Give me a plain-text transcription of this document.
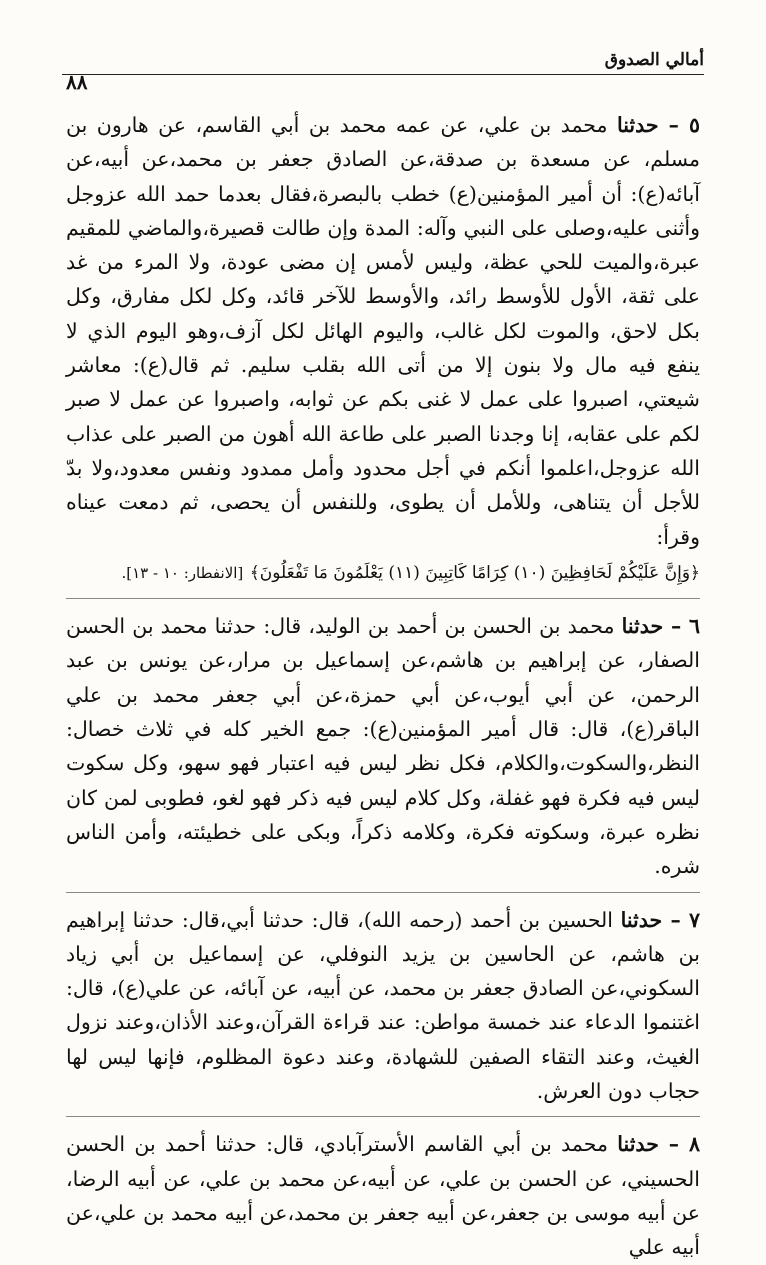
أمالي الصدوق
٨٨

٥ – حدثنا محمد بن علي، عن عمه محمد بن أبي القاسم، عن هارون بن مسلم، عن مسعدة بن صدقة،عن الصادق جعفر بن محمد،عن أبيه،عن آبائه(ع): أن أمير المؤمنين(ع) خطب بالبصرة،فقال بعدما حمد الله عزوجل وأثنى عليه،وصلى على النبي وآله: المدة وإن طالت قصيرة،والماضي للمقيم عبرة،والميت للحي عظة، وليس لأمس إن مضى عودة، ولا المرء من غد على ثقة، الأول للأوسط رائد، والأوسط للآخر قائد، وكل لكل مفارق، وكل بكل لاحق، والموت لكل غالب، واليوم الهائل لكل آزف،وهو اليوم الذي لا ينفع فيه مال ولا بنون إلا من أتى الله بقلب سليم. ثم قال(ع): معاشر شيعتي، اصبروا على عمل لا غنى بكم عن ثوابه، واصبروا عن عمل لا صبر لكم على عقابه، إنا وجدنا الصبر على طاعة الله أهون من الصبر على عذاب الله عزوجل،اعلموا أنكم في أجل محدود وأمل ممدود ونفس معدود،ولا بدّ للأجل أن يتناهى، وللأمل أن يطوى، وللنفس أن يحصى، ثم دمعت عيناه وقرأ:

﴿وَإِنَّ عَلَيْكُمْ لَحَافِظِينَ (١٠) كِرَامًا كَاتِبِينَ (١١) يَعْلَمُونَ مَا تَفْعَلُونَ﴾ [الانفطار: ١٠ - ١٣].

٦ – حدثنا محمد بن الحسن بن أحمد بن الوليد، قال: حدثنا محمد بن الحسن الصفار، عن إبراهيم بن هاشم،عن إسماعيل بن مرار،عن يونس بن عبد الرحمن، عن أبي أيوب،عن أبي حمزة،عن أبي جعفر محمد بن علي الباقر(ع)، قال: قال أمير المؤمنين(ع): جمع الخير كله في ثلاث خصال: النظر،والسكوت،والكلام، فكل نظر ليس فيه اعتبار فهو سهو، وكل سكوت ليس فيه فكرة فهو غفلة، وكل كلام ليس فيه ذكر فهو لغو، فطوبى لمن كان نظره عبرة، وسكوته فكرة، وكلامه ذكراً، وبكى على خطيئته، وأمن الناس شره.

٧ – حدثنا الحسين بن أحمد (رحمه الله)، قال: حدثنا أبي،قال: حدثنا إبراهيم بن هاشم، عن الحاسين بن يزيد النوفلي، عن إسماعيل بن أبي زياد السكوني،عن الصادق جعفر بن محمد، عن أبيه، عن آبائه، عن علي(ع)، قال: اغتنموا الدعاء عند خمسة مواطن: عند قراءة القرآن،وعند الأذان،وعند نزول الغيث، وعند التقاء الصفين للشهادة، وعند دعوة المظلوم، فإنها ليس لها حجاب دون العرش.

٨ – حدثنا محمد بن أبي القاسم الأسترآبادي، قال: حدثنا أحمد بن الحسن الحسيني، عن الحسن بن علي، عن أبيه،عن محمد بن علي، عن أبيه الرضا، عن أبيه موسى بن جعفر،عن أبيه جعفر بن محمد،عن أبيه محمد بن علي،عن أبيه علي
